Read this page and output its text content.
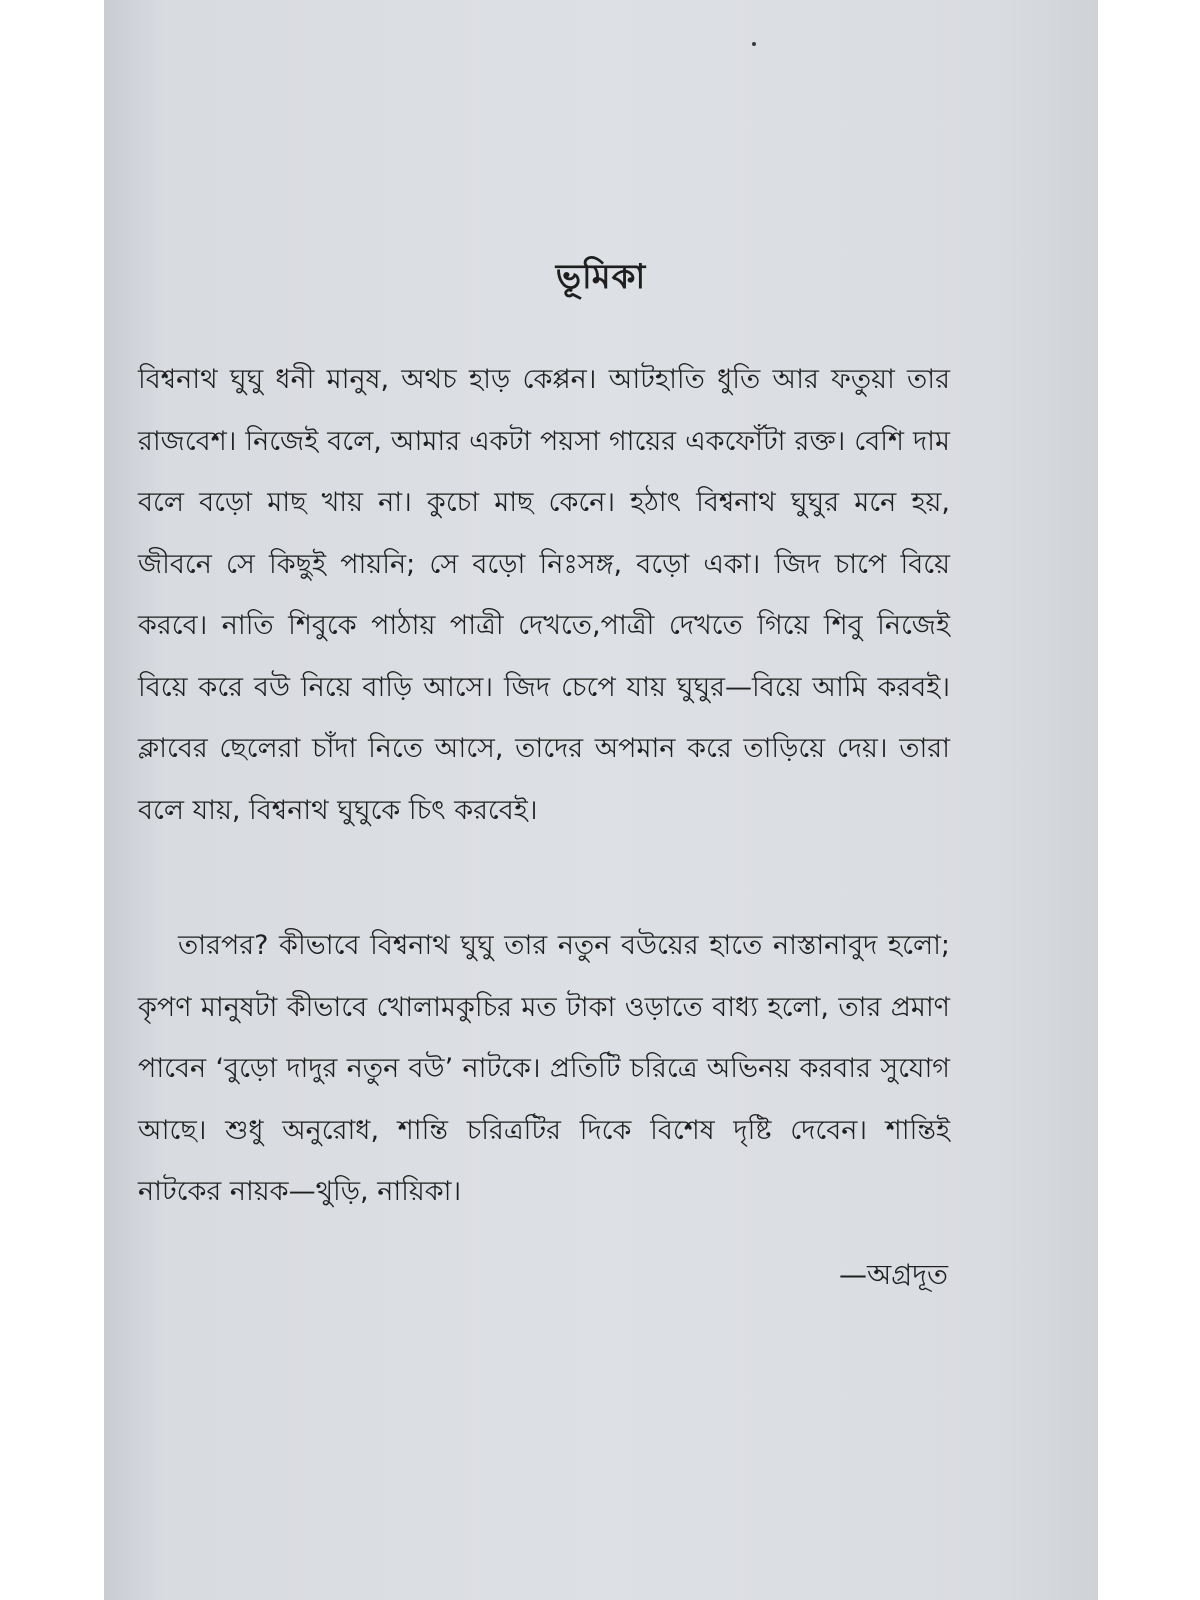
ভূমিকা

বিশ্বনাথ ঘুঘু ধনী মানুষ, অথচ হাড় কেপ্পন। আটহাতি ধুতি আর ফতুয়া তার রাজবেশ। নিজেই বলে, আমার একটা পয়সা গায়ের একফোঁটা রক্ত। বেশি দাম বলে বড়ো মাছ খায় না। কুচো মাছ কেনে। হঠাৎ বিশ্বনাথ ঘুঘুর মনে হয়, জীবনে সে কিছুই পায়নি; সে বড়ো নিঃসঙ্গ, বড়ো একা। জিদ চাপে বিয়ে করবে। নাতি শিবুকে পাঠায় পাত্রী দেখতে,পাত্রী দেখতে গিয়ে শিবু নিজেই বিয়ে করে বউ নিয়ে বাড়ি আসে। জিদ চেপে যায় ঘুঘুর—বিয়ে আমি করবই। ক্লাবের ছেলেরা চাঁদা নিতে আসে, তাদের অপমান করে তাড়িয়ে দেয়। তারা বলে যায়, বিশ্বনাথ ঘুঘুকে চিৎ করবেই।

তারপর? কীভাবে বিশ্বনাথ ঘুঘু তার নতুন বউয়ের হাতে নাস্তানাবুদ হলো; কৃপণ মানুষটা কীভাবে খোলামকুচির মত টাকা ওড়াতে বাধ্য হলো, তার প্রমাণ পাবেন ‘বুড়ো দাদুর নতুন বউ’ নাটকে। প্রতিটি চরিত্রে অভিনয় করবার সুযোগ আছে। শুধু অনুরোধ, শান্তি চরিত্রটির দিকে বিশেষ দৃষ্টি দেবেন। শান্তিই নাটকের নায়ক—থুড়ি, নায়িকা।

—অগ্রদূত
